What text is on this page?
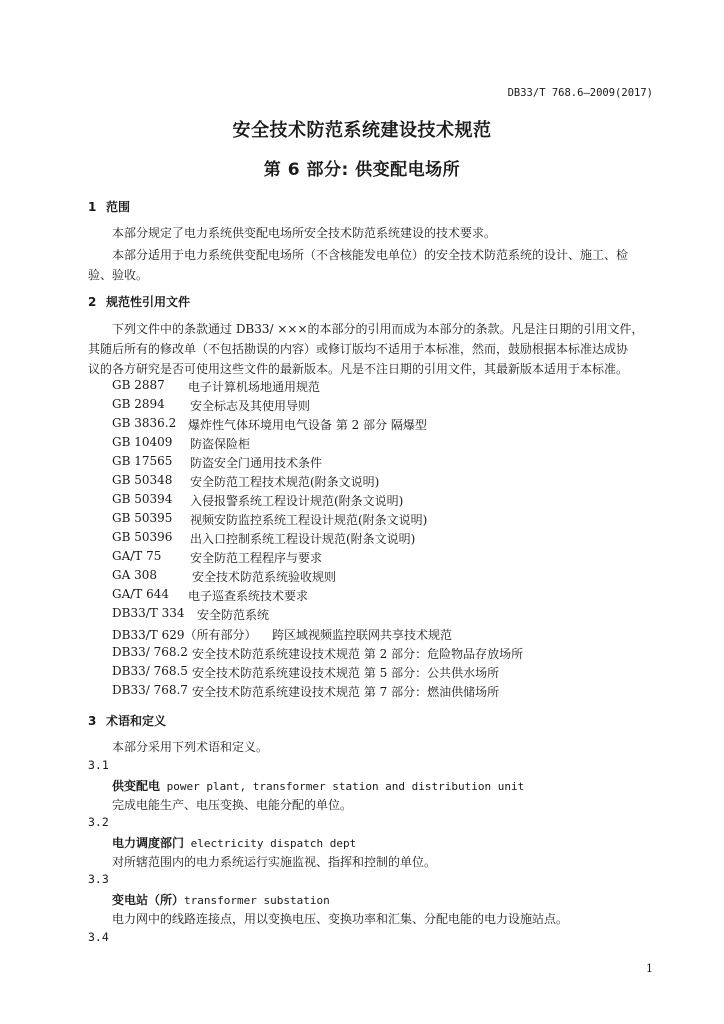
DB33/T 768.6—2009(2017)
安全技术防范系统建设技术规范
第 6 部分: 供变配电场所
1 范围
本部分规定了电力系统供变配电场所安全技术防范系统建设的技术要求。
本部分适用于电力系统供变配电场所（不含核能发电单位）的安全技术防范系统的设计、施工、检
验、验收。
2 规范性引用文件
下列文件中的条款通过 DB33/ ×××的本部分的引用而成为本部分的条款。凡是注日期的引用文件，
其随后所有的修改单（不包括勘误的内容）或修订版均不适用于本标准，然而，鼓励根据本标准达成协
议的各方研究是否可使用这些文件的最新版本。凡是不注日期的引用文件，其最新版本适用于本标准。
GB 2887 电子计算机场地通用规范
GB 2894 安全标志及其使用导则
GB 3836.2 爆炸性气体环境用电气设备 第 2 部分 隔爆型
GB 10409 防盗保险柜
GB 17565 防盗安全门通用技术条件
GB 50348 安全防范工程技术规范(附条文说明)
GB 50394 入侵报警系统工程设计规范(附条文说明)
GB 50395 视频安防监控系统工程设计规范(附条文说明)
GB 50396 出入口控制系统工程设计规范(附条文说明)
GA/T 75 安全防范工程程序与要求
GA 308	安全技术防范系统验收规则
GA/T 644 电子巡查系统技术要求
DB33/T 334 安全防范系统
DB33/T 629（所有部分） 跨区域视频监控联网共享技术规范
DB33/ 768.2 安全技术防范系统建设技术规范 第 2 部分：危险物品存放场所
DB33/ 768.5 安全技术防范系统建设技术规范 第 5 部分：公共供水场所
DB33/ 768.7 安全技术防范系统建设技术规范 第 7 部分：燃油供储场所
3 术语和定义
本部分采用下列术语和定义。
3.1
供变配电 power plant, transformer station and distribution unit
完成电能生产、电压变换、电能分配的单位。
3.2
电力调度部门 electricity dispatch dept
对所辖范围内的电力系统运行实施监视、指挥和控制的单位。
3.3
变电站（所）transformer substation
电力网中的线路连接点，用以变换电压、变换功率和汇集、分配电能的电力设施站点。
3.4
1
